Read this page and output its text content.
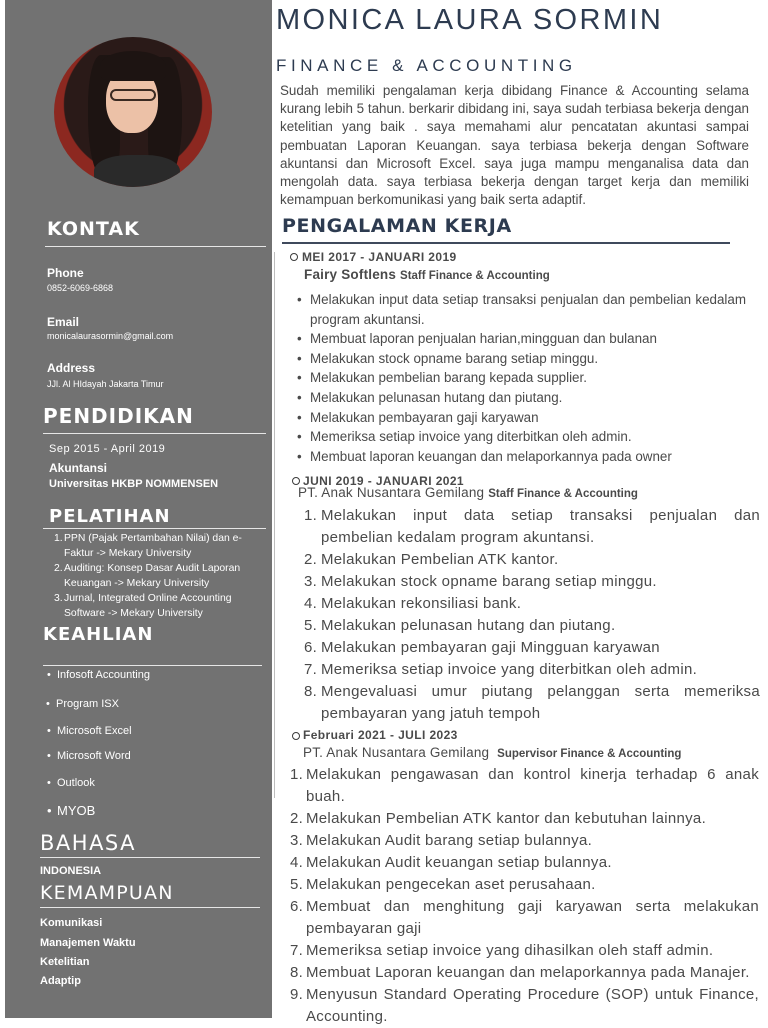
KONTAK
Phone
0852-6069-6868
Email
monicalaurasormin@gmail.com
Address
JJl. Al HIdayah Jakarta Timur
PENDIDIKAN
Sep 2015 - April 2019
Akuntansi
Universitas HKBP NOMMENSEN
PELATIHAN
1. PPN (Pajak Pertambahan Nilai) dan e-
Faktur -> Mekary University
2. Auditing: Konsep Dasar Audit Laporan
Keuangan -> Mekary University
3. Jurnal, Integrated Online Accounting
Software -> Mekary University
KEAHLIAN
• Infosoft Accounting
• Program ISX
• Microsoft Excel
• Microsoft Word
• Outlook
• MYOB
BAHASA
INDONESIA
KEMAMPUAN
Komunikasi
Manajemen Waktu
Ketelitian
Adaptip
MONICA LAURA SORMIN
FINANCE & ACCOUNTING

Sudah memiliki pengalaman kerja dibidang Finance & Accounting selama kurang lebih 5 tahun. berkarir dibidang ini, saya sudah terbiasa bekerja dengan ketelitian yang baik . saya memahami alur pencatatan akuntasi sampai pembuatan Laporan Keuangan. saya terbiasa bekerja dengan Software akuntansi dan Microsoft Excel. saya juga mampu menganalisa data dan mengolah data. saya terbiasa bekerja dengan target kerja dan memiliki kemampuan berkomunikasi yang baik serta adaptif.

PENGALAMAN KERJA
MEI 2017 - JANUARI 2019
Fairy Softlens Staff Finance & Accounting
• Melakukan input data setiap transaksi penjualan dan pembelian kedalam program akuntansi.
• Membuat laporan penjualan harian,mingguan dan bulanan
• Melakukan stock opname barang setiap minggu.
• Melakukan pembelian barang kepada supplier.
• Melakukan pelunasan hutang dan piutang.
• Melakukan pembayaran gaji karyawan
• Memeriksa setiap invoice yang diterbitkan oleh admin.
• Membuat laporan keuangan dan melaporkannya pada owner
JUNI 2019 - JANUARI 2021
PT. Anak Nusantara Gemilang Staff Finance & Accounting
1. Melakukan input data setiap transaksi penjualan dan pembelian kedalam program akuntansi.
2. Melakukan Pembelian ATK kantor.
3. Melakukan stock opname barang setiap minggu.
4. Melakukan rekonsiliasi bank.
5. Melakukan pelunasan hutang dan piutang.
6. Melakukan pembayaran gaji Mingguan karyawan
7. Memeriksa setiap invoice yang diterbitkan oleh admin.
8. Mengevaluasi umur piutang pelanggan serta memeriksa pembayaran yang jatuh tempoh
Februari 2021 - JULI 2023
PT. Anak Nusantara Gemilang Supervisor Finance & Accounting
1. Melakukan pengawasan dan kontrol kinerja terhadap 6 anak buah.
2. Melakukan Pembelian ATK kantor dan kebutuhan lainnya.
3. Melakukan Audit barang setiap bulannya.
4. Melakukan Audit keuangan setiap bulannya.
5. Melakukan pengecekan aset perusahaan.
6. Membuat dan menghitung gaji karyawan serta melakukan pembayaran gaji
7. Memeriksa setiap invoice yang dihasilkan oleh staff admin.
8. Membuat Laporan keuangan dan melaporkannya pada Manajer.
9. Menyusun Standard Operating Procedure (SOP) untuk Finance, Accounting.
